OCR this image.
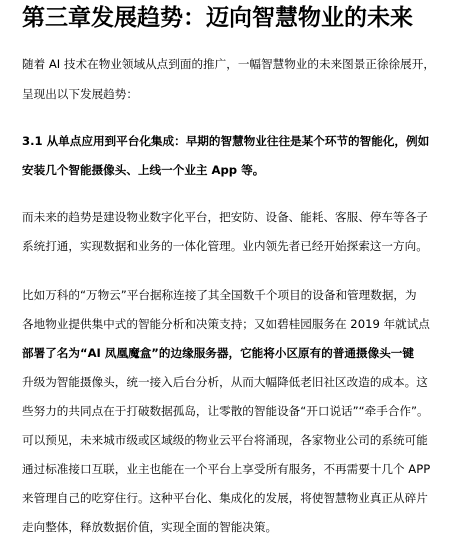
第三章发展趋势：迈向智慧物业的未来
随着 AI 技术在物业领域从点到面的推广，一幅智慧物业的未来图景正徐徐展开，
呈现出以下发展趋势：
3.1 从单点应用到平台化集成：早期的智慧物业往往是某个环节的智能化，例如
安装几个智能摄像头、上线一个业主 App 等。
而未来的趋势是建设物业数字化平台，把安防、设备、能耗、客服、停车等各子
系统打通，实现数据和业务的一体化管理。业内领先者已经开始探索这一方向。
比如万科的“万物云”平台据称连接了其全国数千个项目的设备和管理数据，为
各地物业提供集中式的智能分析和决策支持；又如碧桂园服务在 2019 年就试点
部署了名为“AI 凤凰魔盒”的边缘服务器，它能将小区原有的普通摄像头一键
升级为智能摄像头，统一接入后台分析，从而大幅降低老旧社区改造的成本。这
些努力的共同点在于打破数据孤岛，让零散的智能设备“开口说话”“牵手合作”。
可以预见，未来城市级或区域级的物业云平台将涌现，各家物业公司的系统可能
通过标准接口互联，业主也能在一个平台上享受所有服务，不再需要十几个 APP
来管理自己的吃穿住行。这种平台化、集成化的发展，将使智慧物业真正从碎片
走向整体，释放数据价值，实现全面的智能决策。
